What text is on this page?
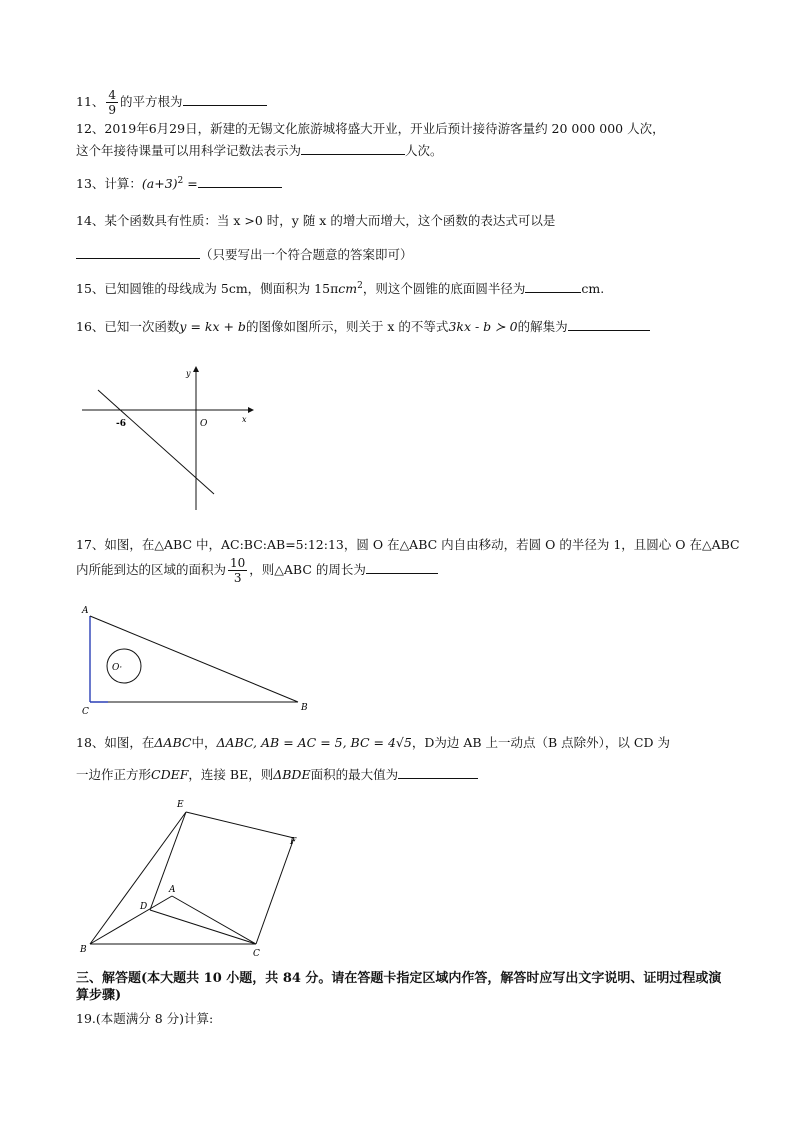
11、 $\frac{4}{9}$ 的平方根为
12、2019年6月29日，新建的无锡文化旅游城将盛大开业，开业后预计接待游客量约 20 000 000 人次，
这个年接待课量可以用科学记数法表示为	人次。
13、计算：$(a+3)^2$ =
14、某个函数具有性质：当 x >0 时，y 随 x 的增大而增大，这个函数的表达式可以是
（只要写出一个符合题意的答案即可）
15、已知圆锥的母线成为 5cm，侧面积为 15πcm$^2$，则这个圆锥的底面圆半径为	cm.
16、已知一次函数y = kx + b的图像如图所示，则关于 x 的不等式3kx - b ≻ 0的解集为
x
y
O
-6
17、如图，在△ABC 中，AC:BC:AB=5:12:13，圆 O 在△ABC 内自由移动，若圆 O 的半径为 1，且圆心 O 在△ABC
内所能到达的区域的面积为 $\frac{10}{3}$ ，则△ABC 的周长为
A
C	B
O·
18、如图，在ΔABC中，ΔABC, AB = AC = 5, BC = 4√5，D为边 AB 上一动点（B 点除外），以 CD 为
一边作正方形CDEF，连接 BE，则ΔBDE面积的最大值为
E
F
A
D
B	C
三、解答题(本大题共 10 小题，共 84 分。请在答题卡指定区域内作答，解答时应写出文字说明、证明过程或演算步骤)
19.(本题满分 8 分)计算:
